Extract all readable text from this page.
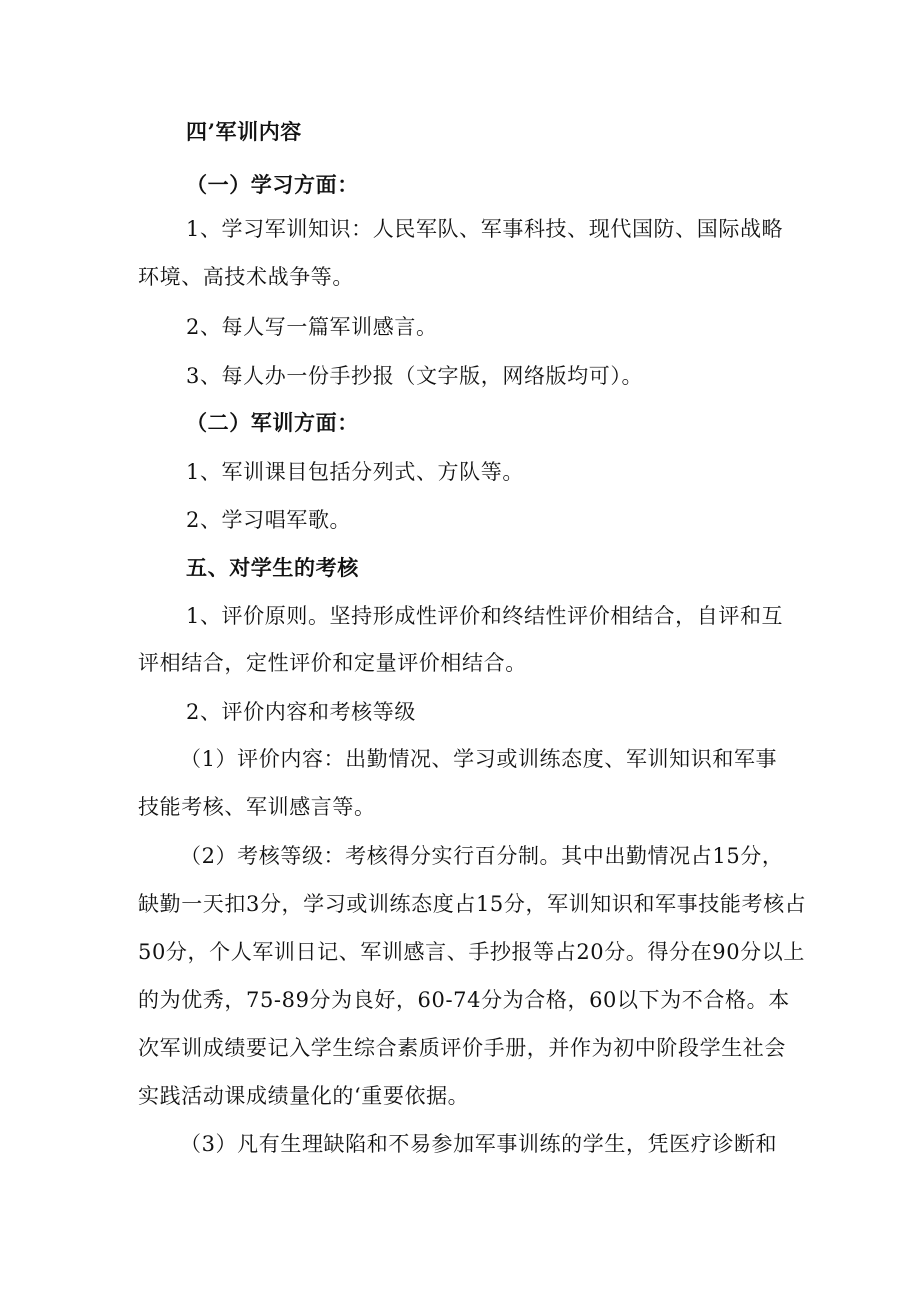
四’军训内容
（一）学习方面：
1、学习军训知识：人民军队、军事科技、现代国防、国际战略
环境、高技术战争等。
2、每人写一篇军训感言。
3、每人办一份手抄报（文字版，网络版均可）。
（二）军训方面：
1、军训课目包括分列式、方队等。
2、学习唱军歌。
五、对学生的考核
1、评价原则。坚持形成性评价和终结性评价相结合，自评和互
评相结合，定性评价和定量评价相结合。
2、评价内容和考核等级
（1）评价内容：出勤情况、学习或训练态度、军训知识和军事
技能考核、军训感言等。
（2）考核等级：考核得分实行百分制。其中出勤情况占15分，
缺勤一天扣3分，学习或训练态度占15分，军训知识和军事技能考核占
50分，个人军训日记、军训感言、手抄报等占20分。得分在90分以上
的为优秀，75-89分为良好，60-74分为合格，60以下为不合格。本
次军训成绩要记入学生综合素质评价手册，并作为初中阶段学生社会
实践活动课成绩量化的‘重要依据。
（3）凡有生理缺陷和不易参加军事训练的学生，凭医疗诊断和
